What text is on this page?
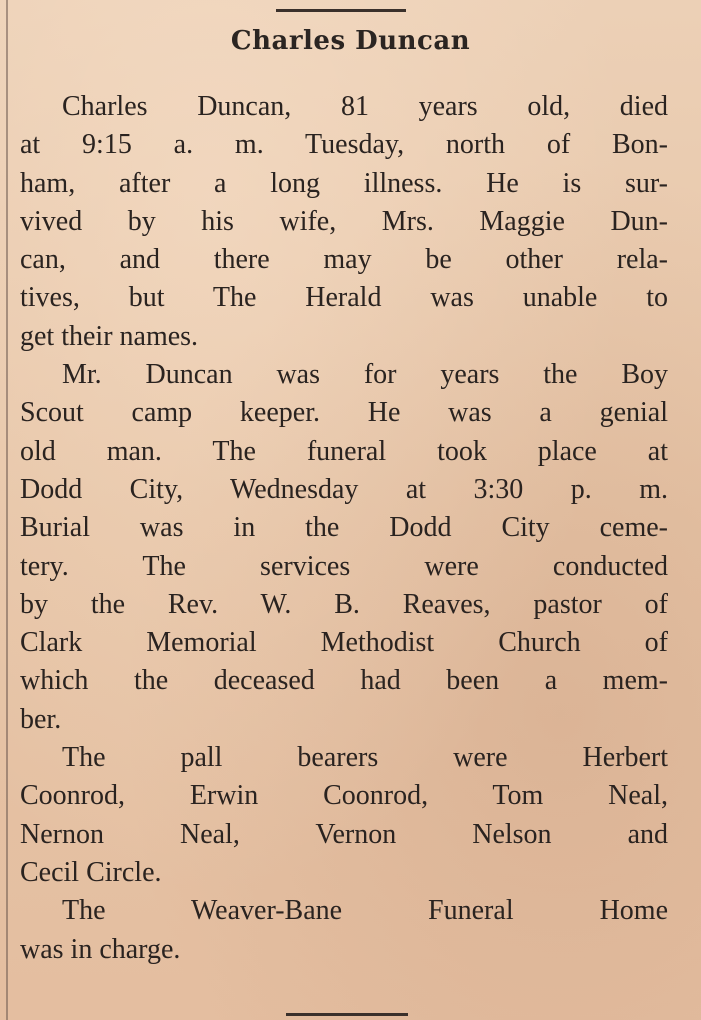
Charles Duncan
Charles Duncan, 81 years old, died
at 9:15 a. m. Tuesday, north of Bon-
ham, after a long illness. He is sur-
vived by his wife, Mrs. Maggie Dun-
can, and there may be other rela-
tives, but The Herald was unable to
get their names.
Mr. Duncan was for years the Boy
Scout camp keeper. He was a genial
old man. The funeral took place at
Dodd City, Wednesday at 3:30 p. m.
Burial was in the Dodd City ceme-
tery. The services were conducted
by the Rev. W. B. Reaves, pastor of
Clark Memorial Methodist Church of
which the deceased had been a mem-
ber.
The pall bearers were Herbert
Coonrod, Erwin Coonrod, Tom Neal,
Nernon Neal, Vernon Nelson and
Cecil Circle.
The Weaver-Bane Funeral Home
was in charge.
